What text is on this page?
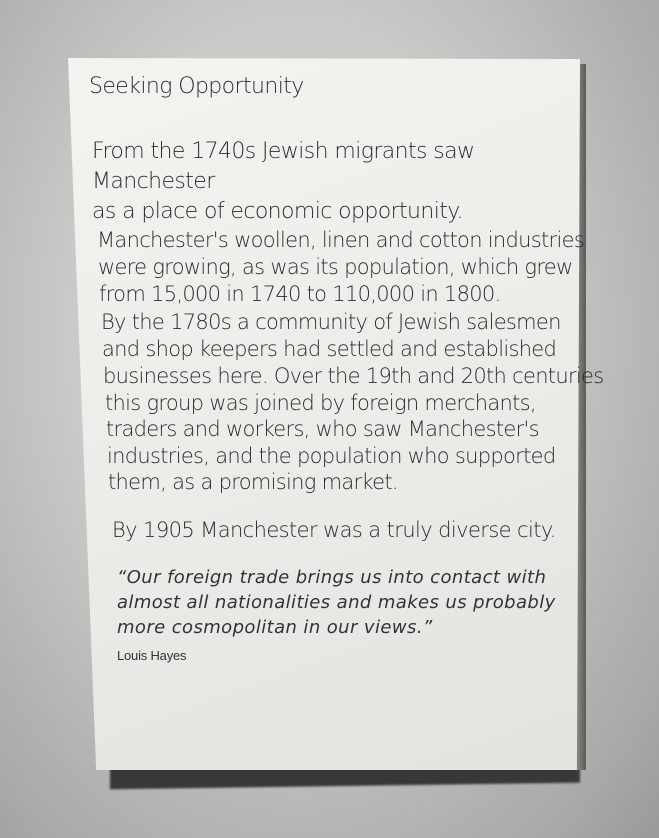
Seeking Opportunity
From the 1740s Jewish migrants saw Manchester
as a place of economic opportunity.
Manchester's woollen, linen and cotton industries
were growing, as was its population, which grew
from 15,000 in 1740 to 110,000 in 1800.
By the 1780s a community of Jewish salesmen
and shop keepers had settled and established
businesses here. Over the 19th and 20th centuries
this group was joined by foreign merchants,
traders and workers, who saw Manchester's
industries, and the population who supported
them, as a promising market.
By 1905 Manchester was a truly diverse city.
“Our foreign trade brings us into contact with
almost all nationalities and makes us probably
more cosmopolitan in our views.”
Louis Hayes
